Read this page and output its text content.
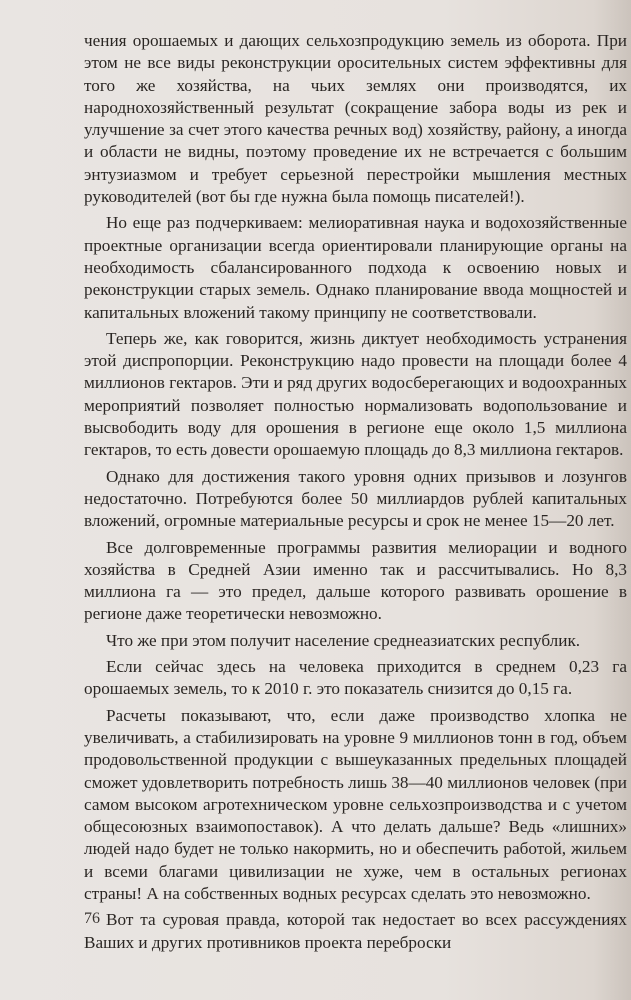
чения орошаемых и дающих сельхозпродукцию земель из оборота. При этом не все виды реконструкции оросительных систем эффективны для того же хозяйства, на чьих землях они производятся, их народнохозяйственный результат (сокращение забора воды из рек и улучшение за счет этого качества речных вод) хозяйству, району, а иногда и области не видны, поэтому проведение их не встречается с большим энтузиазмом и требует серьезной перестройки мышления местных руководителей (вот бы где нужна была помощь писателей!).

Но еще раз подчеркиваем: мелиоративная наука и водохозяйственные проектные организации всегда ориентировали планирующие органы на необходимость сбалансированного подхода к освоению новых и реконструкции старых земель. Однако планирование ввода мощностей и капитальных вложений такому принципу не соответствовали.

Теперь же, как говорится, жизнь диктует необходимость устранения этой диспропорции. Реконструкцию надо провести на площади более 4 миллионов гектаров. Эти и ряд других водосберегающих и водоохранных мероприятий позволяет полностью нормализовать водопользование и высвободить воду для орошения в регионе еще около 1,5 миллиона гектаров, то есть довести орошаемую площадь до 8,3 миллиона гектаров.

Однако для достижения такого уровня одних призывов и лозунгов недостаточно. Потребуются более 50 миллиардов рублей капитальных вложений, огромные материальные ресурсы и срок не менее 15—20 лет.

Все долговременные программы развития мелиорации и водного хозяйства в Средней Азии именно так и рассчитывались. Но 8,3 миллиона га — это предел, дальше которого развивать орошение в регионе даже теоретически невозможно.

Что же при этом получит население среднеазиатских республик.

Если сейчас здесь на человека приходится в среднем 0,23 га орошаемых земель, то к 2010 г. это показатель снизится до 0,15 га.

Расчеты показывают, что, если даже производство хлопка не увеличивать, а стабилизировать на уровне 9 миллионов тонн в год, объем продовольственной продукции с вышеуказанных предельных площадей сможет удовлетворить потребность лишь 38—40 миллионов человек (при самом высоком агротехническом уровне сельхозпроизводства и с учетом общесоюзных взаимопоставок). А что делать дальше? Ведь «лишних» людей надо будет не только накормить, но и обеспечить работой, жильем и всеми благами цивилизации не хуже, чем в остальных регионах страны! А на собственных водных ресурсах сделать это невозможно.

Вот та суровая правда, которой так недостает во всех рассуждениях Ваших и других противников проекта переброски

76
